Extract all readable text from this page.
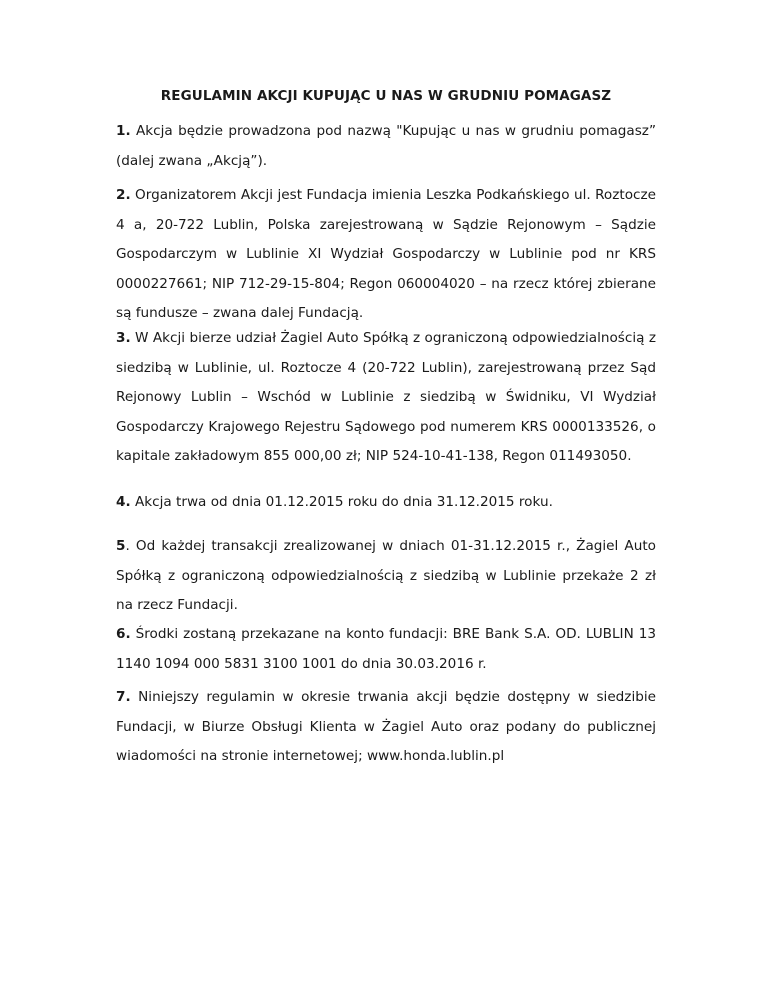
REGULAMIN AKCJI KUPUJĄC U NAS W GRUDNIU POMAGASZ

1. Akcja będzie prowadzona pod nazwą "Kupując u nas w grudniu pomagasz” (dalej zwana „Akcją”).

2. Organizatorem Akcji jest Fundacja imienia Leszka Podkańskiego ul. Roztocze 4 a, 20-722 Lublin, Polska zarejestrowaną w Sądzie Rejonowym – Sądzie Gospodarczym w Lublinie XI Wydział Gospodarczy w Lublinie pod nr KRS 0000227661; NIP 712-29-15-804; Regon 060004020 – na rzecz której zbierane są fundusze – zwana dalej Fundacją.

3. W Akcji bierze udział Żagiel Auto Spółką z ograniczoną odpowiedzialnością z siedzibą w Lublinie, ul. Roztocze 4 (20-722 Lublin), zarejestrowaną przez Sąd Rejonowy Lublin – Wschód w Lublinie z siedzibą w Świdniku, VI Wydział Gospodarczy Krajowego Rejestru Sądowego pod numerem KRS 0000133526, o kapitale zakładowym 855 000,00 zł; NIP 524-10-41-138, Regon 011493050.

4. Akcja trwa od dnia 01.12.2015 roku do dnia 31.12.2015 roku.

5. Od każdej transakcji zrealizowanej w dniach 01-31.12.2015 r., Żagiel Auto Spółką z ograniczoną odpowiedzialnością z siedzibą w Lublinie przekaże 2 zł na rzecz Fundacji.

6. Środki zostaną przekazane na konto fundacji: BRE Bank S.A. OD. LUBLIN 13 1140 1094 000 5831 3100 1001 do dnia 30.03.2016 r.

7. Niniejszy regulamin w okresie trwania akcji będzie dostępny w siedzibie Fundacji, w Biurze Obsługi Klienta w Żagiel Auto oraz podany do publicznej wiadomości na stronie internetowej; www.honda.lublin.pl
